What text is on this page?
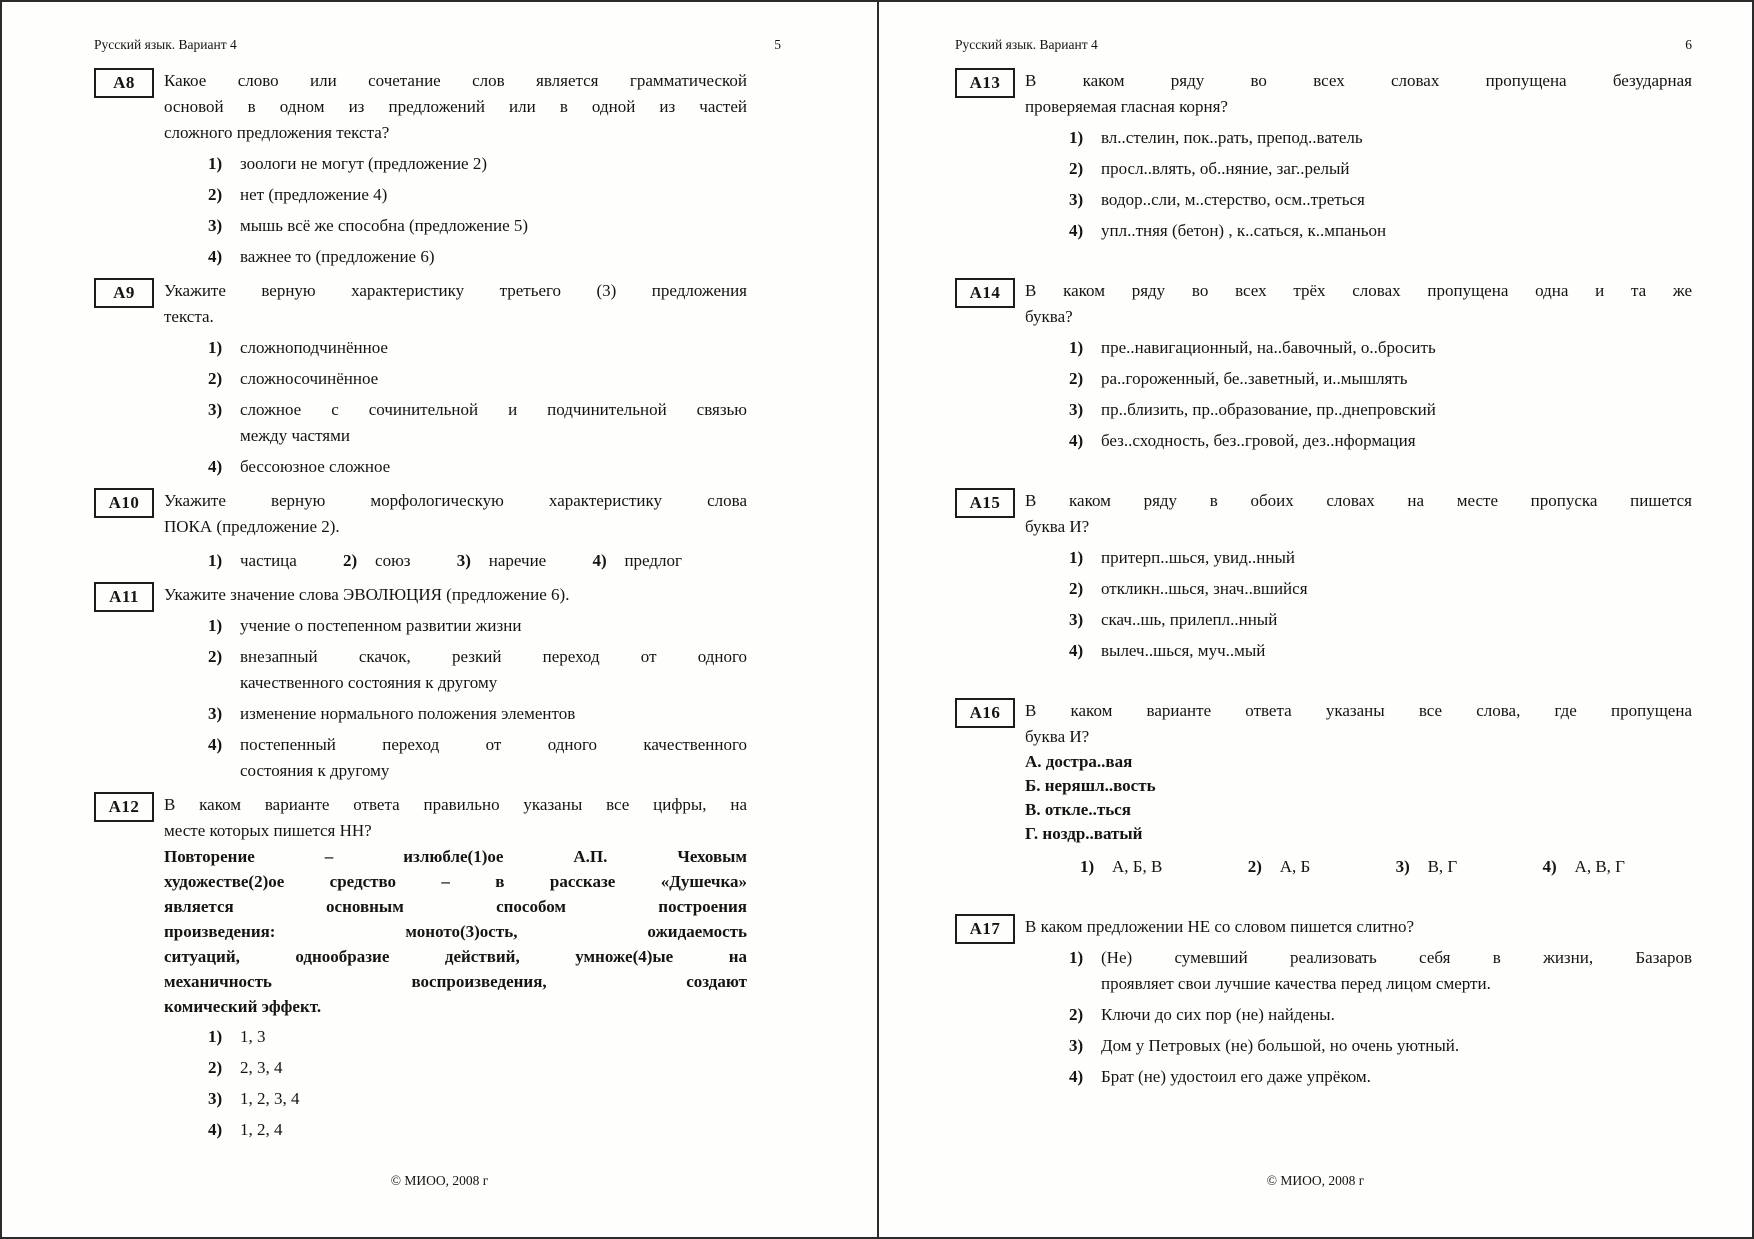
Русский язык. Вариант 4	5
А8	Какое слово или сочетание слов является грамматической
основой в одном из предложений или в одной из частей
сложного предложения текста?
1)	зоологи не могут (предложение 2)
2)	нет (предложение 4)
3)	мышь всё же способна (предложение 5)
4)	важнее то (предложение 6)
А9	Укажите верную характеристику третьего (3) предложения
текста.
1)	сложноподчинённое
2)	сложносочинённое
3)	сложное с сочинительной и подчинительной связью
между частями
4)	бессоюзное сложное
А10	Укажите верную морфологическую характеристику слова
ПОКА (предложение 2).
1)	частица	2)	союз	3)	наречие	4)	предлог
А11	Укажите значение слова ЭВОЛЮЦИЯ (предложение 6).
1)	учение о постепенном развитии жизни
2)	внезапный скачок, резкий переход от одного
качественного состояния к другому
3)	изменение нормального положения элементов
4)	постепенный переход от одного качественного
состояния к другому
А12	В каком варианте ответа правильно указаны все цифры, на
месте которых пишется НН?
Повторение – излюбле(1)ое А.П. Чеховым
художестве(2)ое средство – в рассказе «Душечка»
является основным способом построения
произведения: моното(3)ость, ожидаемость
ситуаций, однообразие действий, умноже(4)ые на
механичность воспроизведения, создают
комический эффект.
1)	1, 3
2)	2, 3, 4
3)	1, 2, 3, 4
4)	1, 2, 4
© МИОО, 2008 г
Русский язык. Вариант 4	6
А13	В каком ряду во всех словах пропущена безударная
проверяемая гласная корня?
1)	вл..стелин, пок..рать, препод..ватель
2)	просл..влять, об..няние, заг..релый
3)	водор..сли, м..стерство, осм..треться
4)	упл..тняя (бетон) , к..саться, к..мпаньон
А14	В каком ряду во всех трёх словах пропущена одна и та же
буква?
1)	пре..навигационный, на..бавочный, о..бросить
2)	ра..гороженный, бе..заветный, и..мышлять
3)	пр..близить, пр..образование, пр..днепровский
4)	без..сходность, без..гровой, дез..нформация
А15	В каком ряду в обоих словах на месте пропуска пишется
буква И?
1)	притерп..шься, увид..нный
2)	откликн..шься, знач..вшийся
3)	скач..шь, прилепл..нный
4)	вылеч..шься, муч..мый
А16	В каком варианте ответа указаны все слова, где пропущена
буква И?
А. достра..вая
Б. неряшл..вость
В. откле..ться
Г. ноздр..ватый
1)	А, Б, В	2)	А, Б	3)	В, Г	4)	А, В, Г
А17	В каком предложении НЕ со словом пишется слитно?
1)	(Не) сумевший реализовать себя в жизни, Базаров
проявляет свои лучшие качества перед лицом смерти.
2)	Ключи до сих пор (не) найдены.
3)	Дом у Петровых (не) большой, но очень уютный.
4)	Брат (не) удостоил его даже упрёком.
© МИОО, 2008 г
